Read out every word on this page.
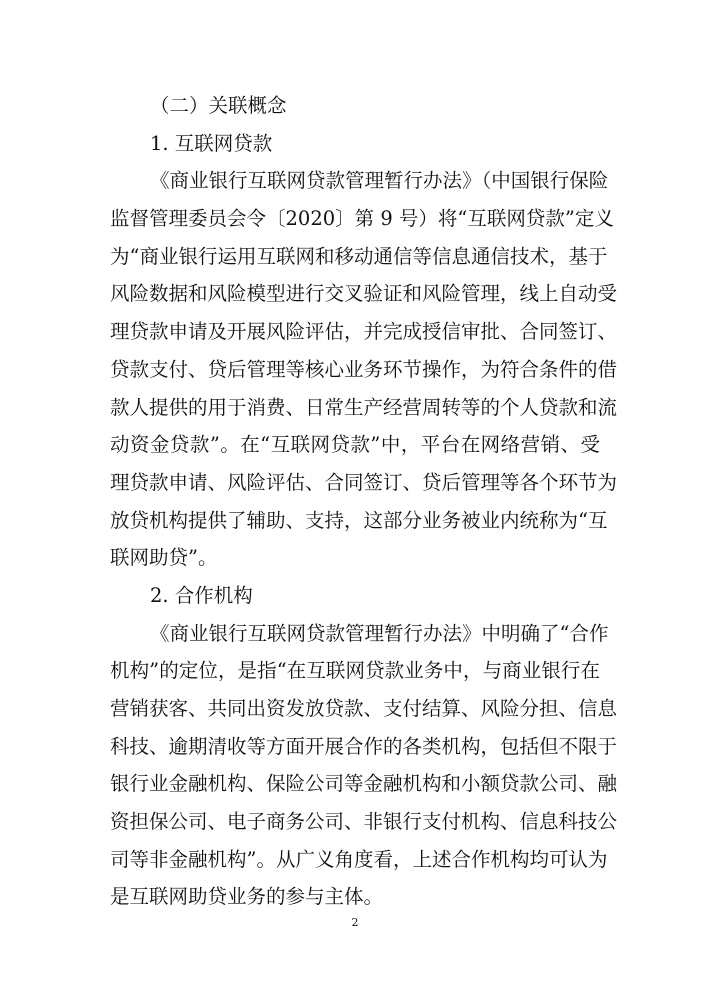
（二）关联概念
1. 互联网贷款
《商业银行互联网贷款管理暂行办法》（中国银行保险
监督管理委员会令〔2020〕第 9 号）将“互联网贷款”定义
为“商业银行运用互联网和移动通信等信息通信技术，基于
风险数据和风险模型进行交叉验证和风险管理，线上自动受
理贷款申请及开展风险评估，并完成授信审批、合同签订、
贷款支付、贷后管理等核心业务环节操作，为符合条件的借
款人提供的用于消费、日常生产经营周转等的个人贷款和流
动资金贷款”。在“互联网贷款”中，平台在网络营销、受
理贷款申请、风险评估、合同签订、贷后管理等各个环节为
放贷机构提供了辅助、支持，这部分业务被业内统称为“互
联网助贷”。
2. 合作机构
《商业银行互联网贷款管理暂行办法》中明确了“合作
机构”的定位，是指“在互联网贷款业务中，与商业银行在
营销获客、共同出资发放贷款、支付结算、风险分担、信息
科技、逾期清收等方面开展合作的各类机构，包括但不限于
银行业金融机构、保险公司等金融机构和小额贷款公司、融
资担保公司、电子商务公司、非银行支付机构、信息科技公
司等非金融机构”。从广义角度看，上述合作机构均可认为
是互联网助贷业务的参与主体。
2
